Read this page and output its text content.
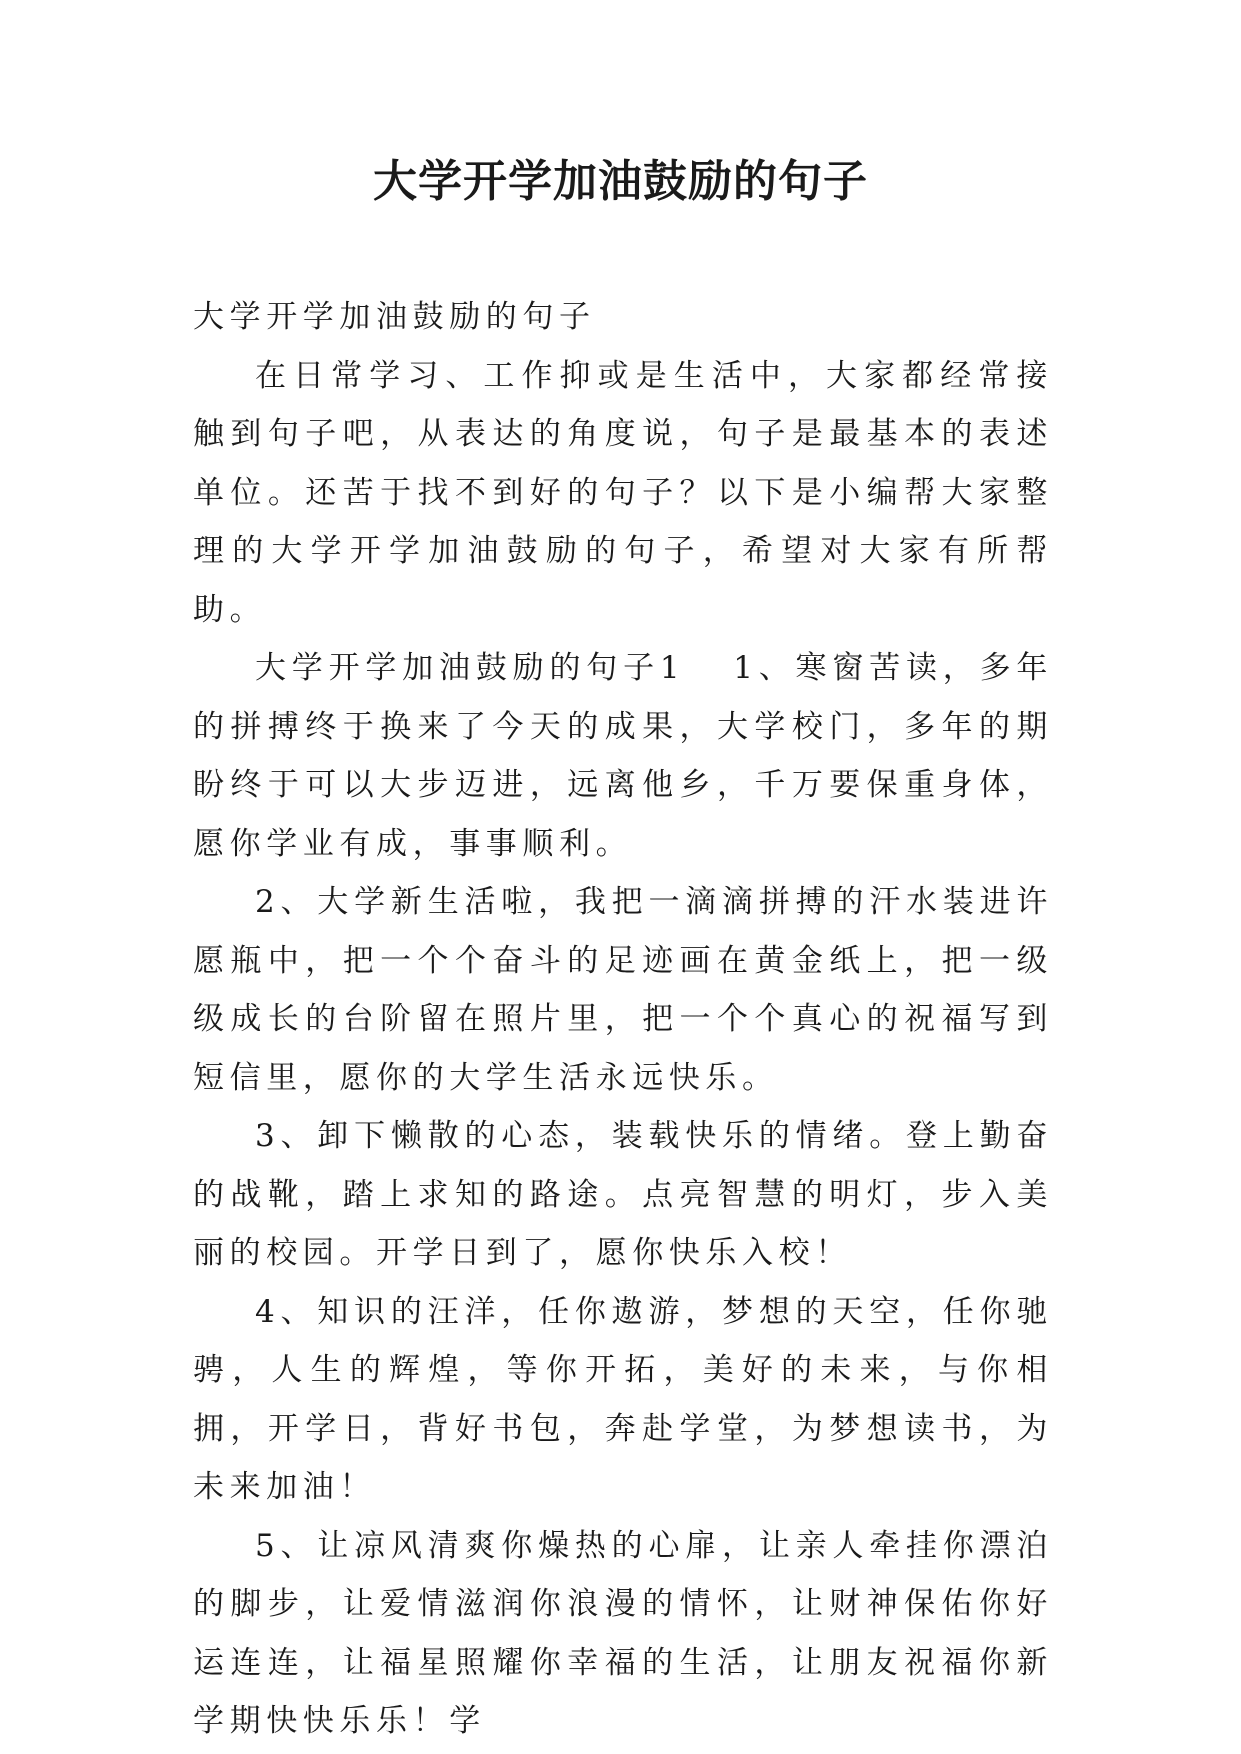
大学开学加油鼓励的句子

大学开学加油鼓励的句子

在日常学习、工作抑或是生活中，大家都经常接触到句子吧，从表达的角度说，句子是最基本的表述单位。还苦于找不到好的句子？以下是小编帮大家整理的大学开学加油鼓励的句子，希望对大家有所帮助。

大学开学加油鼓励的句子1 1、寒窗苦读，多年的拼搏终于换来了今天的成果，大学校门，多年的期盼终于可以大步迈进，远离他乡，千万要保重身体，愿你学业有成，事事顺利。

2、大学新生活啦，我把一滴滴拼搏的汗水装进许愿瓶中，把一个个奋斗的足迹画在黄金纸上，把一级级成长的台阶留在照片里，把一个个真心的祝福写到短信里，愿你的大学生活永远快乐。

3、卸下懒散的心态，装载快乐的情绪。登上勤奋的战靴，踏上求知的路途。点亮智慧的明灯，步入美丽的校园。开学日到了，愿你快乐入校！

4、知识的汪洋，任你遨游，梦想的天空，任你驰骋，人生的辉煌，等你开拓，美好的未来，与你相拥，开学日，背好书包，奔赴学堂，为梦想读书，为未来加油！

5、让凉风清爽你燥热的心扉，让亲人牵挂你漂泊的脚步，让爱情滋润你浪漫的情怀，让财神保佑你好运连连，让福星照耀你幸福的生活，让朋友祝福你新学期快快乐乐！学
